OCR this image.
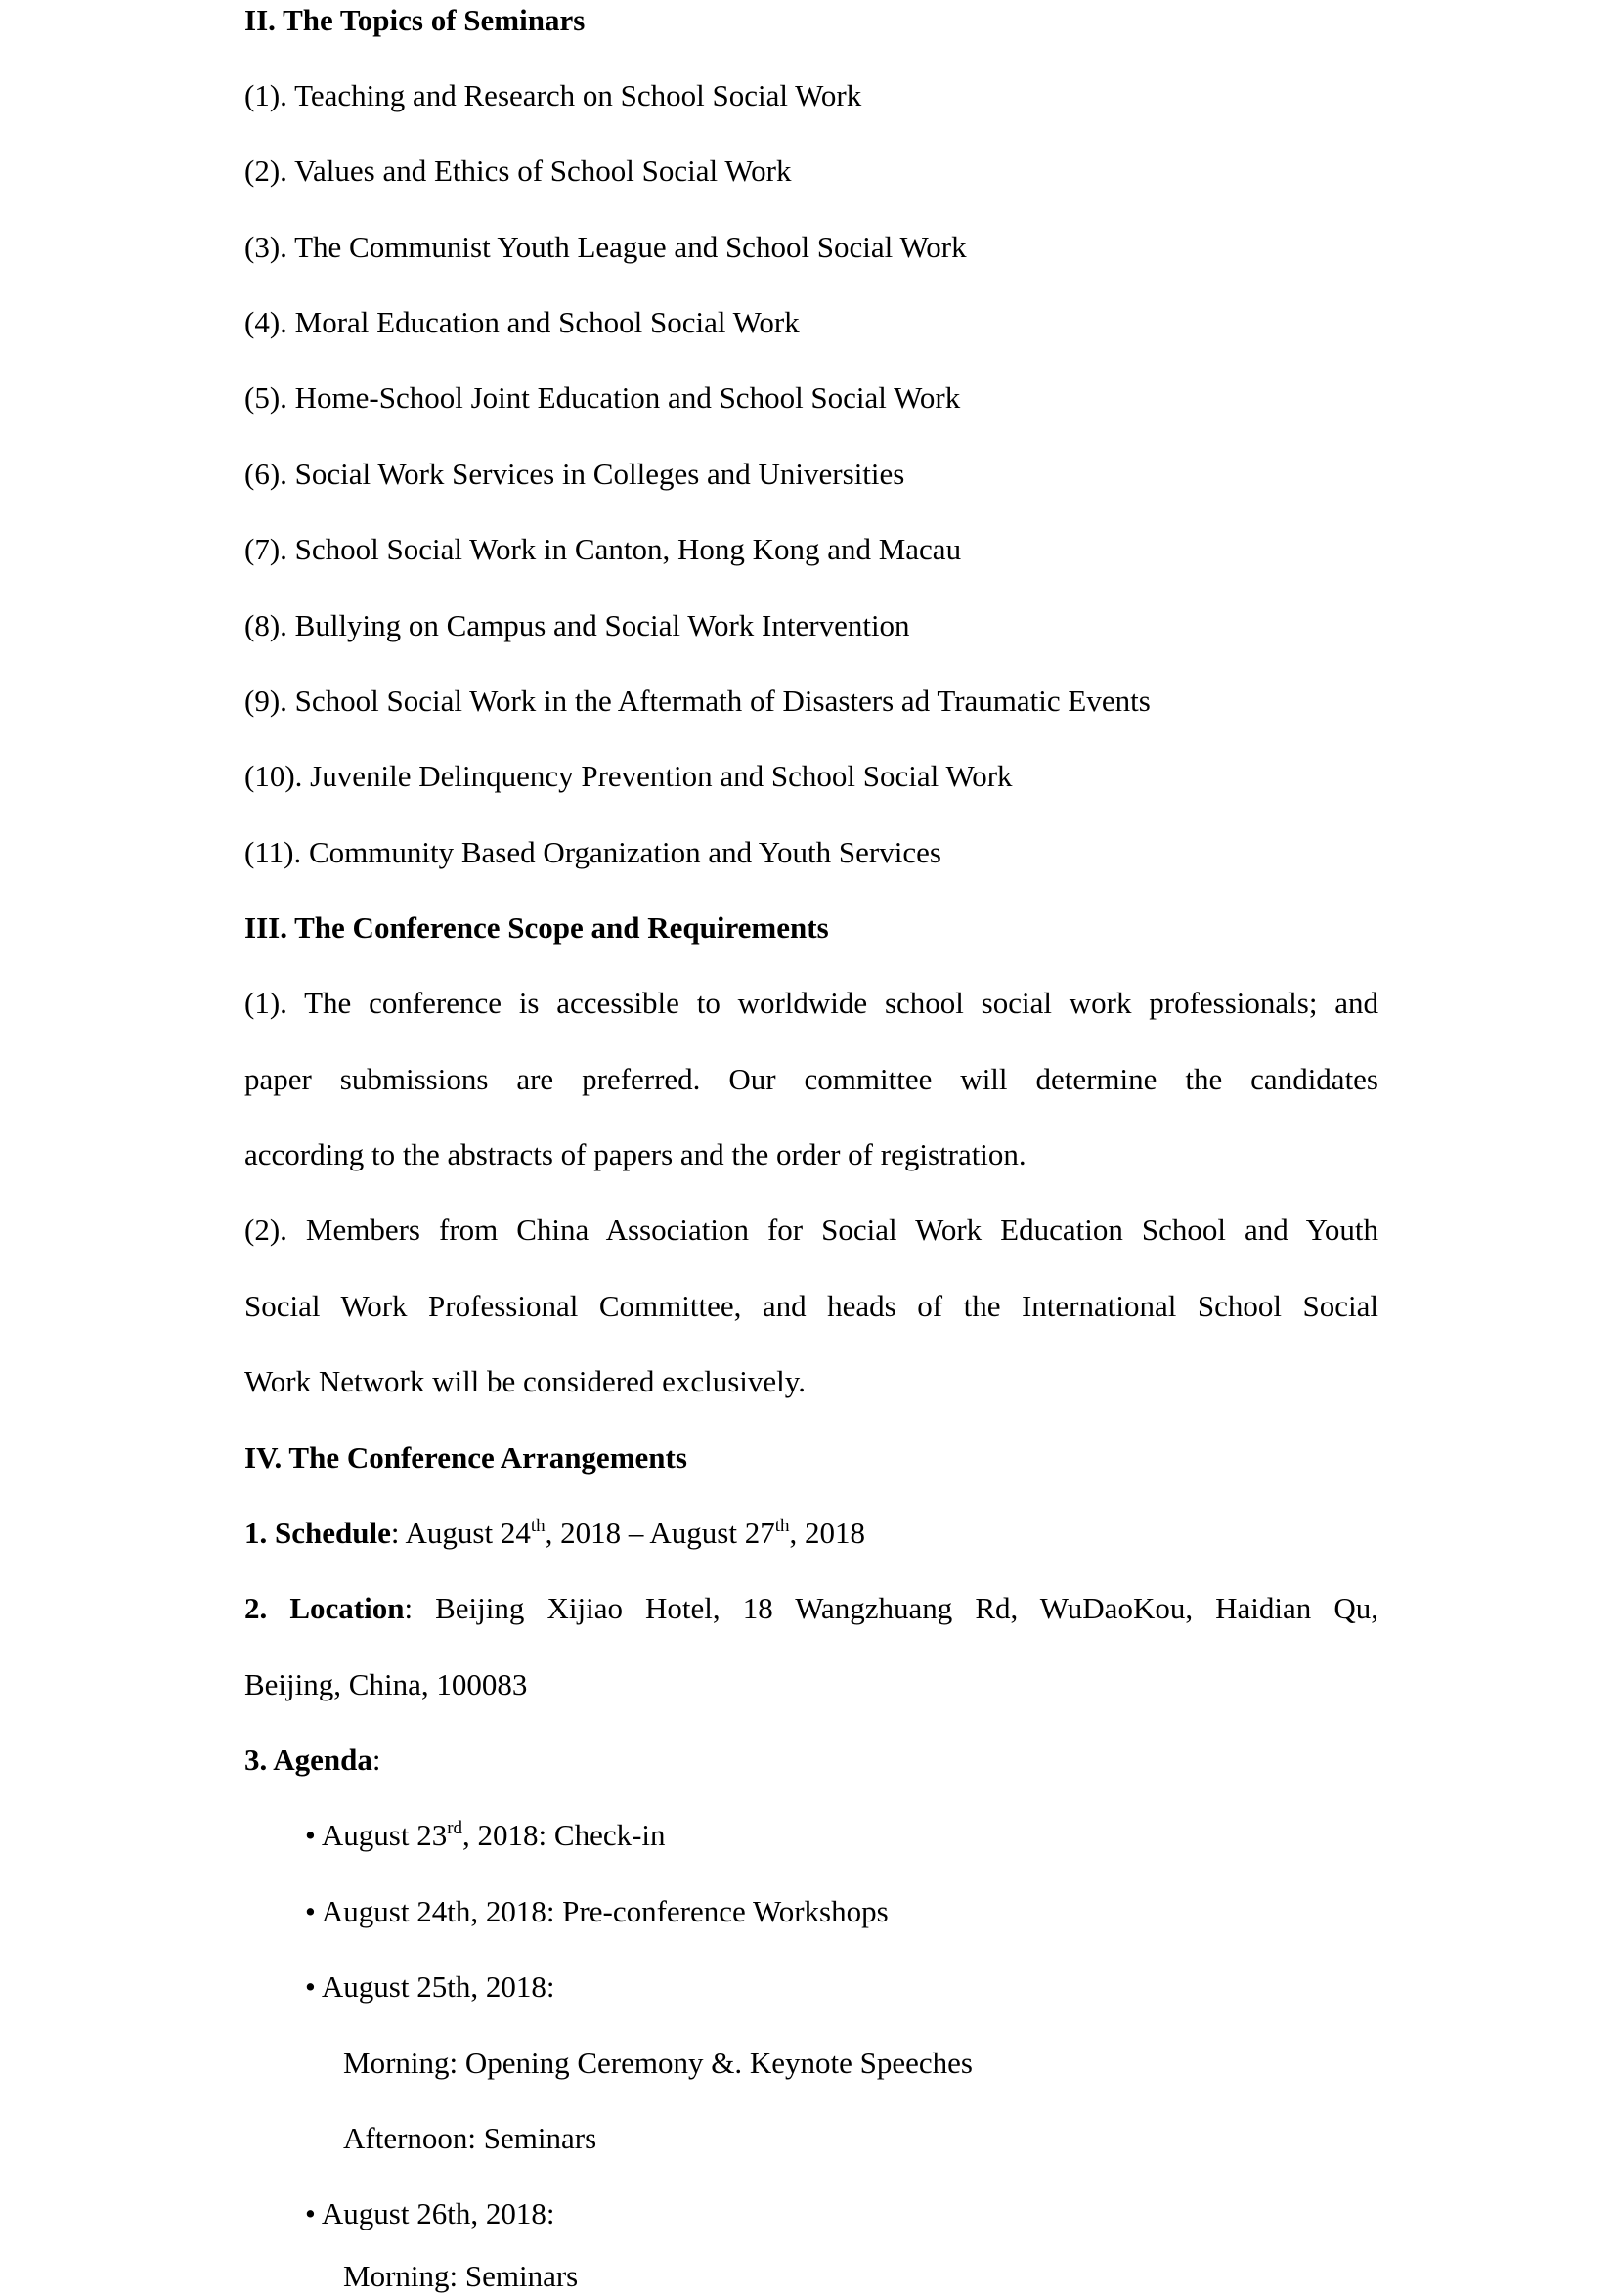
II. The Topics of Seminars
(1). Teaching and Research on School Social Work
(2). Values and Ethics of School Social Work
(3). The Communist Youth League and School Social Work
(4). Moral Education and School Social Work
(5). Home-School Joint Education and School Social Work
(6). Social Work Services in Colleges and Universities
(7). School Social Work in Canton, Hong Kong and Macau
(8). Bullying on Campus and Social Work Intervention
(9). School Social Work in the Aftermath of Disasters ad Traumatic Events
(10). Juvenile Delinquency Prevention and School Social Work
(11). Community Based Organization and Youth Services
III. The Conference Scope and Requirements
(1). The conference is accessible to worldwide school social work professionals; and
paper submissions are preferred. Our committee will determine the candidates
according to the abstracts of papers and the order of registration.
(2). Members from China Association for Social Work Education School and Youth
Social Work Professional Committee, and heads of the International School Social
Work Network will be considered exclusively.
IV. The Conference Arrangements
1. Schedule: August 24th, 2018 – August 27th, 2018
2. Location: Beijing Xijiao Hotel, 18 Wangzhuang Rd, WuDaoKou, Haidian Qu,
Beijing, China, 100083
3. Agenda:
• August 23rd, 2018: Check-in
• August 24th, 2018: Pre-conference Workshops
• August 25th, 2018:
Morning: Opening Ceremony &. Keynote Speeches
Afternoon: Seminars
• August 26th, 2018:
Morning: Seminars
